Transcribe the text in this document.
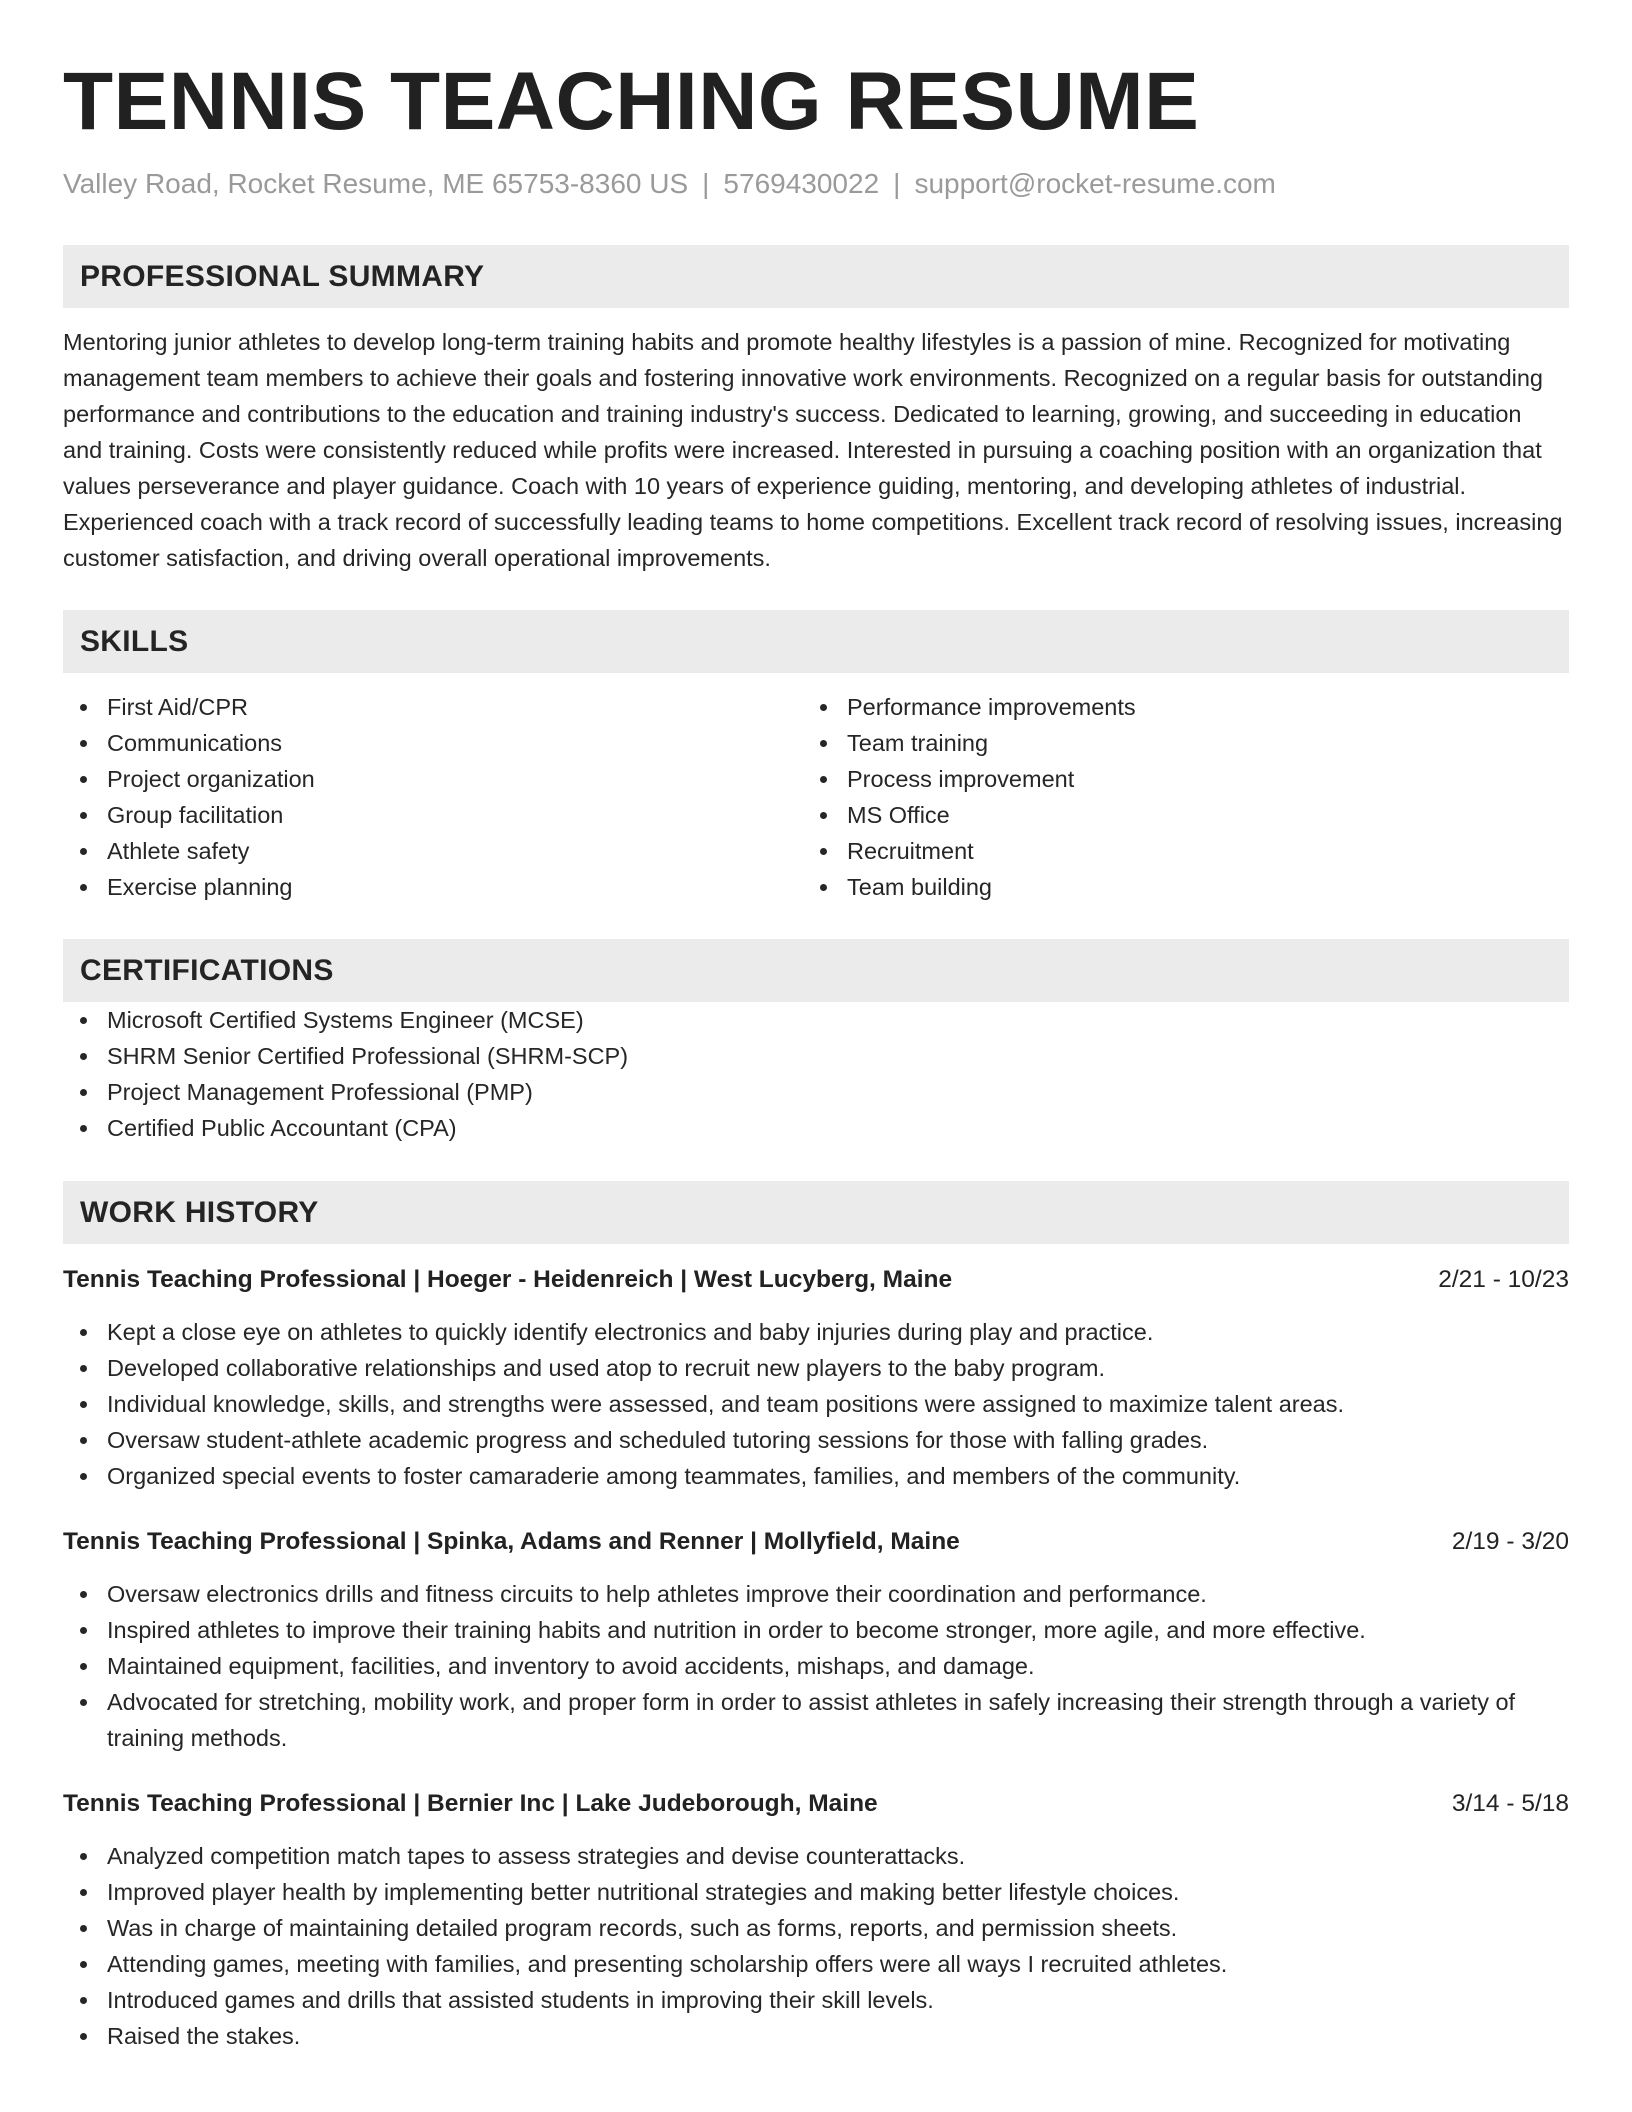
TENNIS TEACHING RESUME
Valley Road, Rocket Resume, ME 65753-8360 US | 5769430022 | support@rocket-resume.com
PROFESSIONAL SUMMARY

Mentoring junior athletes to develop long-term training habits and promote healthy lifestyles is a passion of mine. Recognized for motivating management team members to achieve their goals and fostering innovative work environments. Recognized on a regular basis for outstanding performance and contributions to the education and training industry's success. Dedicated to learning, growing, and succeeding in education and training. Costs were consistently reduced while profits were increased. Interested in pursuing a coaching position with an organization that values perseverance and player guidance. Coach with 10 years of experience guiding, mentoring, and developing athletes of industrial. Experienced coach with a track record of successfully leading teams to home competitions. Excellent track record of resolving issues, increasing customer satisfaction, and driving overall operational improvements.

SKILLS
First Aid/CPR
Communications
Project organization
Group facilitation
Athlete safety
Exercise planning
Performance improvements
Team training
Process improvement
MS Office
Recruitment
Team building
CERTIFICATIONS
Microsoft Certified Systems Engineer (MCSE)
SHRM Senior Certified Professional (SHRM-SCP)
Project Management Professional (PMP)
Certified Public Accountant (CPA)
WORK HISTORY
Tennis Teaching Professional | Hoeger - Heidenreich | West Lucyberg, Maine	2/21 - 10/23
Kept a close eye on athletes to quickly identify electronics and baby injuries during play and practice.
Developed collaborative relationships and used atop to recruit new players to the baby program.
Individual knowledge, skills, and strengths were assessed, and team positions were assigned to maximize talent areas.
Oversaw student-athlete academic progress and scheduled tutoring sessions for those with falling grades.
Organized special events to foster camaraderie among teammates, families, and members of the community.
Tennis Teaching Professional | Spinka, Adams and Renner | Mollyfield, Maine	2/19 - 3/20
Oversaw electronics drills and fitness circuits to help athletes improve their coordination and performance.
Inspired athletes to improve their training habits and nutrition in order to become stronger, more agile, and more effective.
Maintained equipment, facilities, and inventory to avoid accidents, mishaps, and damage.
Advocated for stretching, mobility work, and proper form in order to assist athletes in safely increasing their strength through a variety of training methods.
Tennis Teaching Professional | Bernier Inc | Lake Judeborough, Maine	3/14 - 5/18
Analyzed competition match tapes to assess strategies and devise counterattacks.
Improved player health by implementing better nutritional strategies and making better lifestyle choices.
Was in charge of maintaining detailed program records, such as forms, reports, and permission sheets.
Attending games, meeting with families, and presenting scholarship offers were all ways I recruited athletes.
Introduced games and drills that assisted students in improving their skill levels.
Raised the stakes.
